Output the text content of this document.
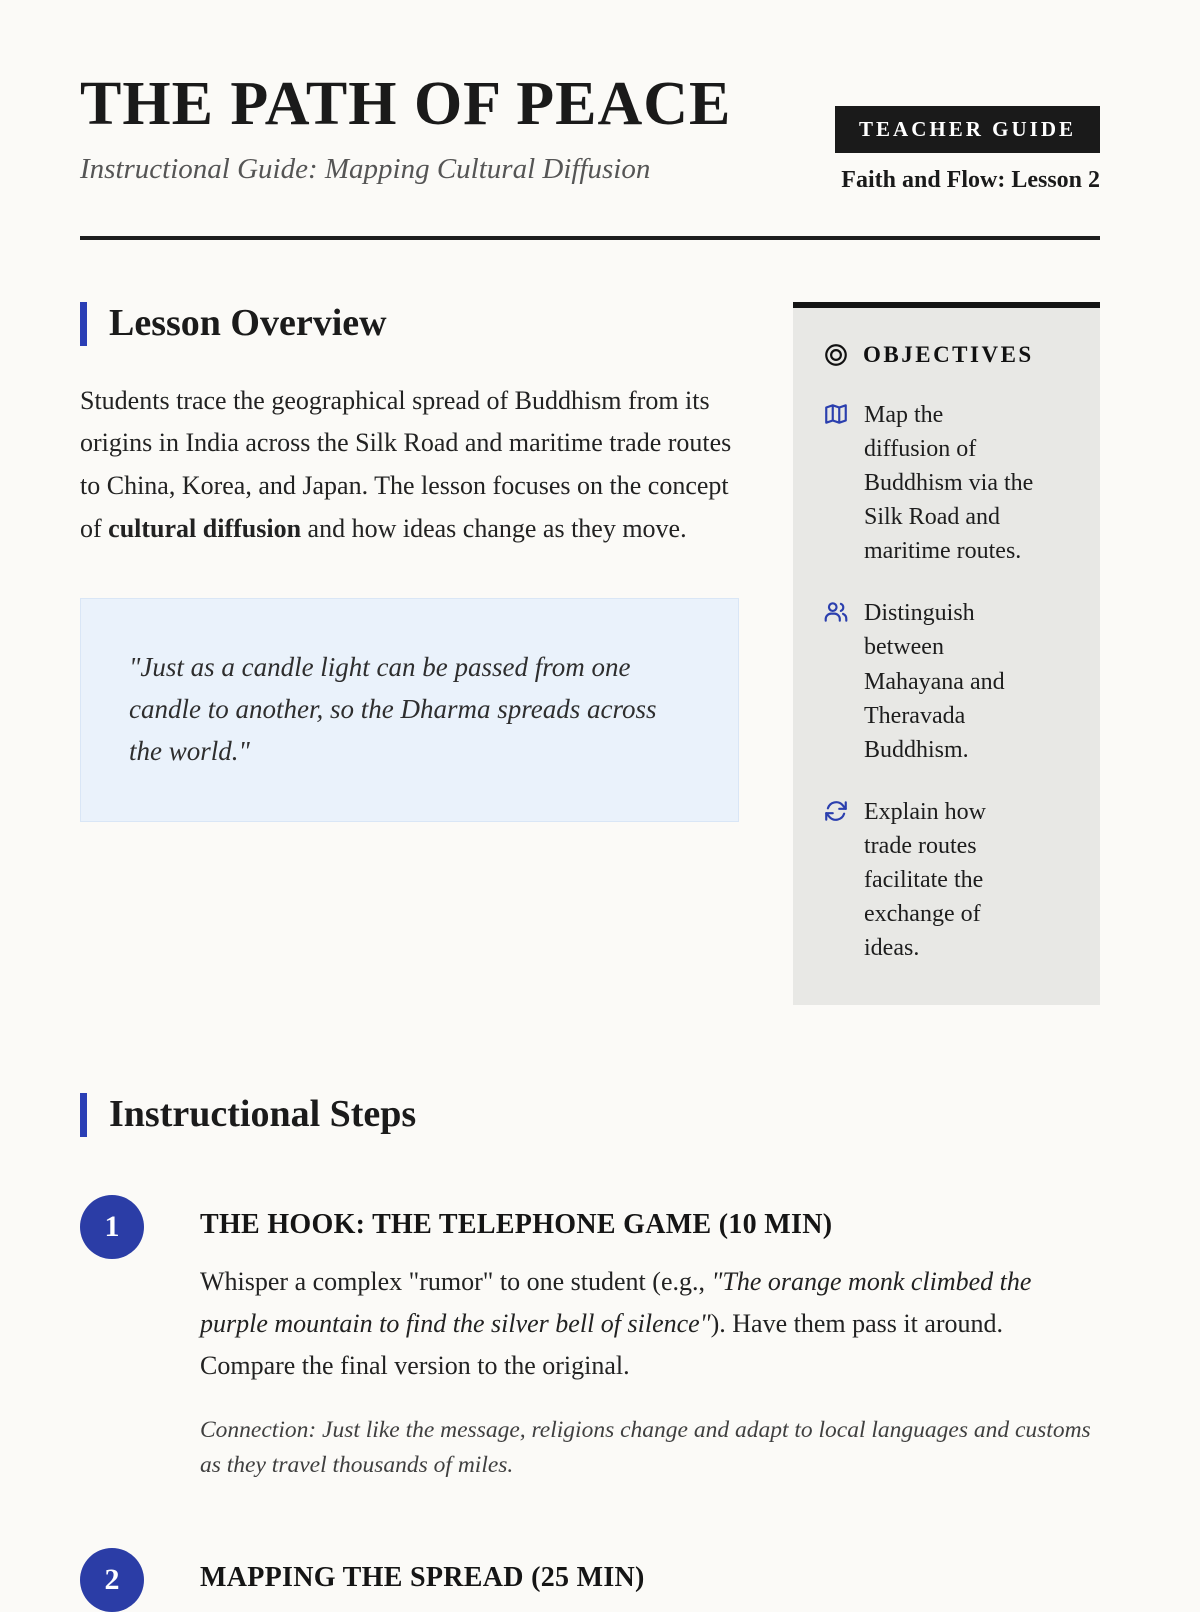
THE PATH OF PEACE

Instructional Guide: Mapping Cultural Diffusion

TEACHER GUIDE
Faith and Flow: Lesson 2
Lesson Overview

Students trace the geographical spread of Buddhism from its origins in India across the Silk Road and maritime trade routes to China, Korea, and Japan. The lesson focuses on the concept of cultural diffusion and how ideas change as they move.

"Just as a candle light can be passed from one candle to another, so the Dharma spreads across the world."

OBJECTIVES
Map the diffusion of Buddhism via the Silk Road and maritime routes.
Distinguish between Mahayana and Theravada Buddhism.
Explain how trade routes facilitate the exchange of ideas.
Instructional Steps
1	THE HOOK: THE TELEPHONE GAME (10 MIN)

Whisper a complex "rumor" to one student (e.g., "The orange monk climbed the purple mountain to find the silver bell of silence"). Have them pass it around. Compare the final version to the original.

Connection: Just like the message, religions change and adapt to local languages and customs as they travel thousands of miles.

2	MAPPING THE SPREAD (25 MIN)
